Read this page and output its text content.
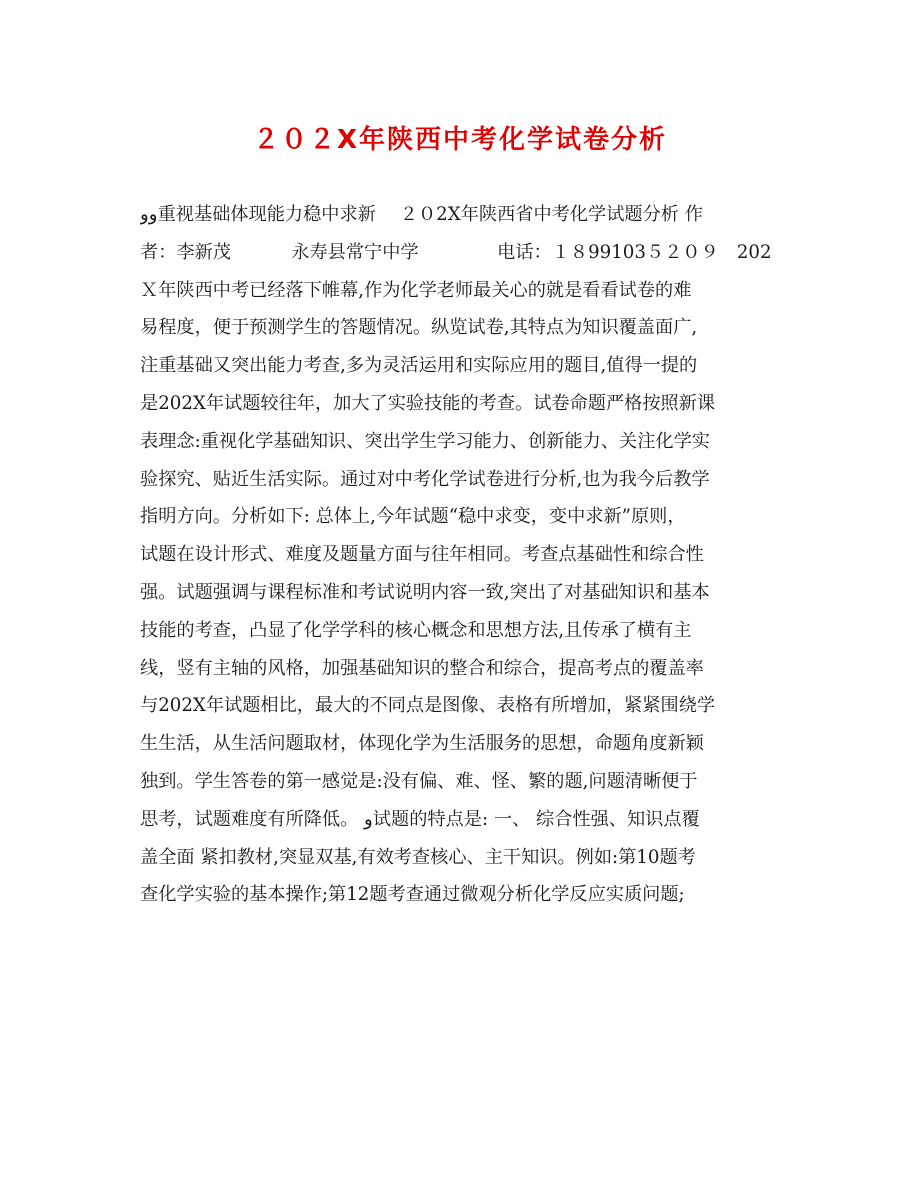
２０２X年陕西中考化学试卷分析
وو重视基础体现能力稳中求新　 ２０2X年陕西省中考化学试题分析 作
者：李新茂　　　 永寿县常宁中学　　　　 电话：１８99103５２０９　202
Ｘ年陕西中考已经落下帷幕,作为化学老师最关心的就是看看试卷的难
易程度，便于预测学生的答题情况。纵览试卷,其特点为知识覆盖面广,
注重基础又突出能力考查,多为灵活运用和实际应用的题目,值得一提的
是202X年试题较往年，加大了实验技能的考查。试卷命题严格按照新课
表理念:重视化学基础知识、突出学生学习能力、创新能力、关注化学实
验探究、贴近生活实际。通过对中考化学试卷进行分析,也为我今后教学
指明方向。分析如下: 总体上,今年试题“稳中求变，变中求新”原则，
试题在设计形式、难度及题量方面与往年相同。考查点基础性和综合性
强。试题强调与课程标准和考试说明内容一致,突出了对基础知识和基本
技能的考查，凸显了化学学科的核心概念和思想方法,且传承了横有主
线，竖有主轴的风格，加强基础知识的整合和综合，提高考点的覆盖率
与202X年试题相比，最大的不同点是图像、表格有所增加，紧紧围绕学
生生活，从生活问题取材，体现化学为生活服务的思想，命题角度新颖
独到。学生答卷的第一感觉是:没有偏、难、怪、繁的题,问题清晰便于
思考，试题难度有所降低。 و试题的特点是: 一、 综合性强、知识点覆
盖全面 紧扣教材,突显双基,有效考查核心、主干知识。例如:第10题考
查化学实验的基本操作;第12题考查通过微观分析化学反应实质问题;
